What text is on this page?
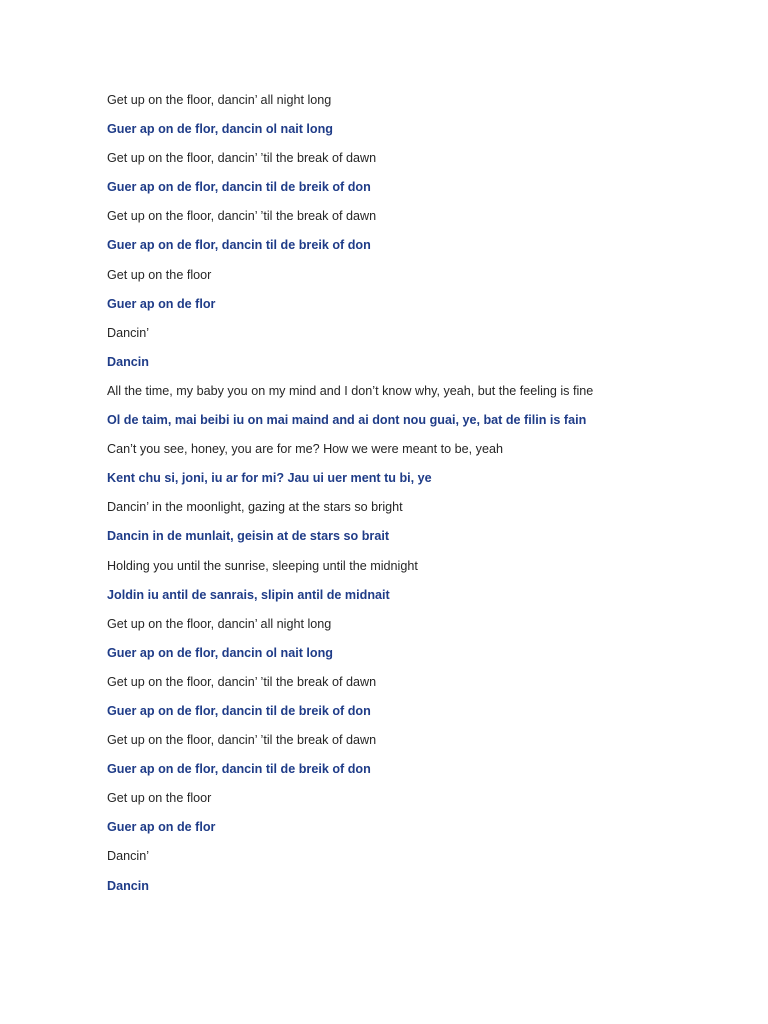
Get up on the floor, dancin’ all night long
Guer ap on de flor, dancin ol nait long
Get up on the floor, dancin’ ’til the break of dawn
Guer ap on de flor, dancin til de breik of don
Get up on the floor, dancin’ ’til the break of dawn
Guer ap on de flor, dancin til de breik of don
Get up on the floor
Guer ap on de flor
Dancin’
Dancin
All the time, my baby you on my mind and I don’t know why, yeah, but the feeling is fine
Ol de taim, mai beibi iu on mai maind and ai dont nou guai, ye, bat de filin is fain
Can’t you see, honey, you are for me? How we were meant to be, yeah
Kent chu si, joni, iu ar for mi? Jau ui uer ment tu bi, ye
Dancin’ in the moonlight, gazing at the stars so bright
Dancin in de munlait, geisin at de stars so brait
Holding you until the sunrise, sleeping until the midnight
Joldin iu antil de sanrais, slipin antil de midnait
Get up on the floor, dancin’ all night long
Guer ap on de flor, dancin ol nait long
Get up on the floor, dancin’ ’til the break of dawn
Guer ap on de flor, dancin til de breik of don
Get up on the floor, dancin’ ’til the break of dawn
Guer ap on de flor, dancin til de breik of don
Get up on the floor
Guer ap on de flor
Dancin’
Dancin
